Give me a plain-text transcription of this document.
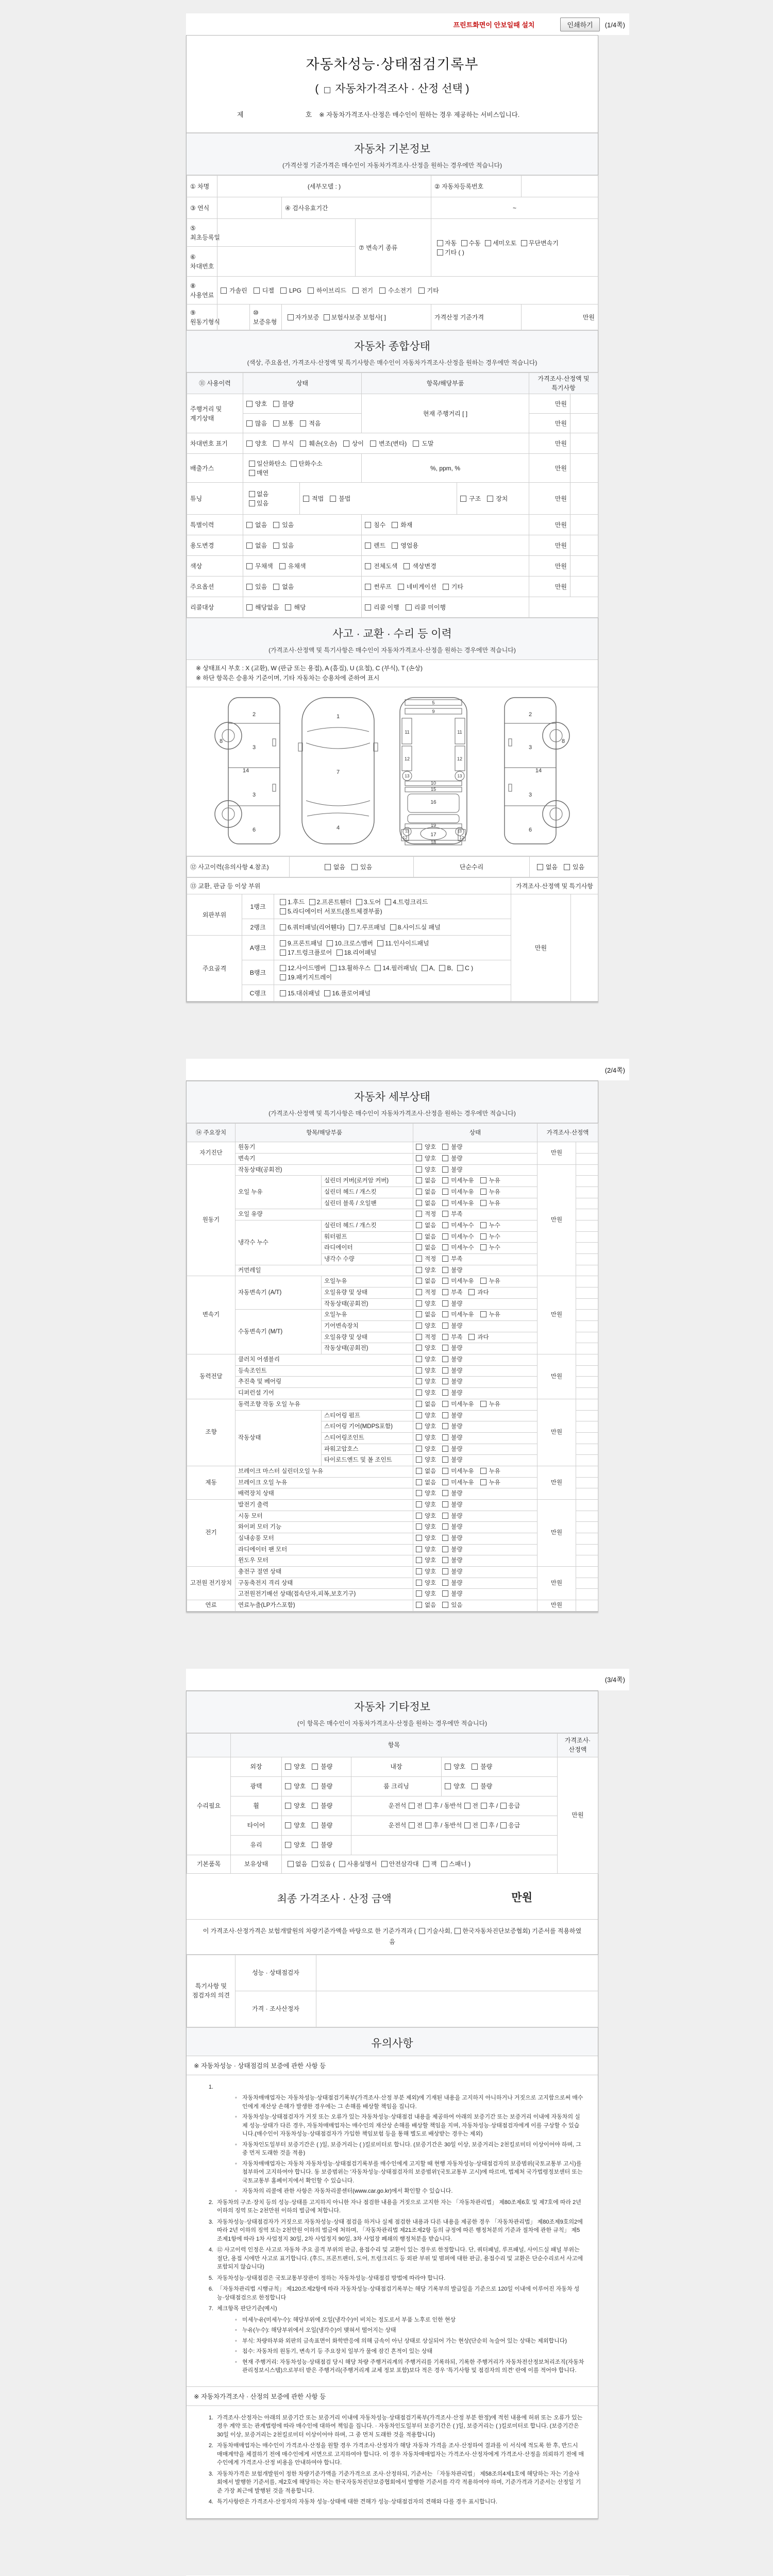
프린트화면이 안보일때 설치	인쇄하기	(1/4쪽)
자동차성능·상태점검기록부
(  자동차가격조사 · 산정 선택 )
제	호 ※ 자동차가격조사·산정은 매수인이 원하는 경우 제공하는 서비스입니다.
자동차 기본정보
(가격산정 기준가격은 매수인이 자동차가격조사·산정을 원하는 경우에만 적습니다)
① 차명	(세부모델 : )				② 자동차등록번호	
③ 연식			④ 검사유효기간		~	
⑤ 최초등록일				⑦ 변속기 종류	자동 수동 세미오토 무단변속기
기타 ( )	
⑥ 차대번호						
⑧ 사용연료	가솔린 디젤 LPG 하이브리드 전기 수소전기 기타					
⑨ 원동기형식		⑩ 보증유형	자가보증 보험사보증 보험사[ ]		가격산정 기준가격	만원
자동차 종합상태
(색상, 주요옵션, 가격조사·산정액 및 특기사항은 매수인이 자동차가격조사·산정을 원하는 경우에만 적습니다)
⑪ 사용이력	상태		항목/해당부품		가격조사·산정액 및 특기사항	
주행거리 및 계기상태	양호 불량		현재 주행거리 [ ]		만원	
	많음 보통 적음				만원	
차대번호 표기	양호 부식 훼손(오손) 상이 변조(변타) 도말				만원	
배출가스	일산화탄소 탄화수소
매연		%, ppm, %		만원	
튜닝	없음
있음	적법 불법		구조 장치	만원	
특별이력	없음 있음		침수 화재		만원	
용도변경	없음 있음		렌트 영업용		만원	
색상	무채색 유채색		전체도색 색상변경		만원	
주요옵션	있음 없음		썬루프 네비게이션 기타		만원	
리콜대상	해당없음 해당		리콜 이행 리콜 미이행			
사고 · 교환 · 수리 등 이력
(가격조사·산정액 및 특기사항은 매수인이 자동차가격조사·산정을 원하는 경우에만 적습니다)
※ 상태표시 부호 : X (교환), W (판금 또는 용접), A (흠집), U (요철), C (부식), T (손상)
※ 하단 항목은 승용차 기준이며, 기타 자동차는 승용차에 준하여 표시
2
8
3
14
3
6
1
7
4
5
9
11	11
12	12
13	13
10
15
16
19
13	13
12	12
17
18
2
8
3
14
3
6
⑫ 사고이력(유의사항 4.참조)	없음 있음	단순수리	없음 있음
⑬ 교환, 판금 등 이상 부위			가격조사·산정액 및 특기사항	
외판부위	1랭크	1.후드 2.프론트휀더 3.도어 4.트렁크리드
5.라디에이터 서포트(볼트체결부품)	만원	
	2랭크	6.쿼터패널(리어휀다) 7.루프패널 8.사이드실 패널		
주요골격	A랭크	9.프론트패널 10.크로스멤버 11.인사이드패널
17.트렁크플로어 18.리어패널		
	B랭크	12.사이드멤버 13.휠하우스 14.필러패널( A, B, C )
19.패키지트레이		
	C랭크	15.대쉬패널 16.플로어패널		
(2/4쪽)
자동차 세부상태
(가격조사·산정액 및 특기사항은 매수인이 자동차가격조사·산정을 원하는 경우에만 적습니다)
⑭ 주요장치	항목/해당부품		상태	가격조사·산정액	
자기진단	원동기		양호 불량	만원	
	변속기		양호 불량		
원동기	작동상태(공회전)		양호 불량	만원	
	오일 누유	실린더 커버(로커암 커버)	없음 미세누유 누유		
		실린더 헤드 / 개스킷	없음 미세누유 누유		
		실린더 블록 / 오일팬	없음 미세누유 누유		
	오일 유량		적정 부족		
	냉각수 누수	실린더 헤드 / 개스킷	없음 미세누수 누수		
		워터펌프	없음 미세누수 누수		
		라디에이터	없음 미세누수 누수		
		냉각수 수량	적정 부족		
	커먼레일		양호 불량		
변속기	자동변속기 (A/T)	오일누유	없음 미세누유 누유	만원	
		오일유량 및 상태	적정 부족 과다		
		작동상태(공회전)	양호 불량		
	수동변속기 (M/T)	오일누유	없음 미세누유 누유		
		기어변속장치	양호 불량		
		오일유량 및 상태	적정 부족 과다		
		작동상태(공회전)	양호 불량		
동력전달	클러치 어셈블리		양호 불량	만원	
	등속조인트		양호 불량		
	추진축 및 베어링		양호 불량		
	디퍼런셜 기어		양호 불량		
조향	동력조향 작동 오일 누유		없음 미세누유 누유	만원	
	작동상태	스티어링 펌프	양호 불량		
		스티어링 기어(MDPS포함)	양호 불량		
		스티어링조인트	양호 불량		
		파워고압호스	양호 불량		
		타이로드엔드 및 볼 조인트	양호 불량		
제동	브레이크 마스터 실린더오일 누유		없음 미세누유 누유	만원	
	브레이크 오일 누유		없음 미세누유 누유		
	배력장치 상태		양호 불량		
전기	발전기 출력		양호 불량	만원	
	시동 모터		양호 불량		
	와이퍼 모터 기능		양호 불량		
	실내송풍 모터		양호 불량		
	라디에이터 팬 모터		양호 불량		
	윈도우 모터		양호 불량		
고전원 전기장치	충전구 절연 상태		양호 불량	만원	
	구동축전지 격리 상태		양호 불량		
	고전원전기배선 상태(접속단자,피복,보호기구)		양호 불량		
연료	연료누출(LP가스포함)		없음 있음	만원	
(3/4쪽)
자동차 기타정보
(이 항목은 매수인이 자동차가격조사·산정을 원하는 경우에만 적습니다)
	항목				가격조사·산정액
수리필요	외장	양호 불량	내장	양호 불량	만원
	광택	양호 불량	룸 크리닝	양호 불량	
	휠	양호 불량	운전석 전 후 / 동반석 전 후 / 응급		
	타이어	양호 불량	운전석 전 후 / 동반석 전 후 / 응급		
	유리	양호 불량			
기본품목	보유상태	없음 있음 ( 사용설명서 안전삼각대 잭 스패너 )			
최종 가격조사 · 산정 금액	만원
이 가격조사·산정가격은 보험개발원의 차량기준가액을 바탕으로 한 기준가격과 ( 기술사회, 한국자동차진단보증협회) 기준서를 적용하였
음
특기사항 및 점검자의 의견	성능 · 상태점검자	
	가격 · 조사산정자	
유의사항
※ 자동차성능 · 상태점검의 보증에 관한 사항 등
1.
◦ 자동차매매업자는 자동차성능·상태점검기록부(가격조사·산정 부분 제외)에 기재된 내용을 고지하지 아니하거나 거짓으로 고지함으로써 매수인에게 재산상 손해가 발생한 경우에는 그 손해를 배상할 책임을 집니다.
◦ 자동차성능·상태점검자가 거짓 또는 오류가 있는 자동차성능·상태점검 내용을 제공하여 아래의 보증기간 또는 보증거리 이내에 자동차의 실제 성능·상태가 다른 경우, 자동차매매업자는 매수인의 재산상 손해를 배상할 책임을 지며, 자동차성능·상태점검자에게 이를 구상할 수 있습니다.(매수인이 자동차성능·상태점검자가 가입한 책임보험 등을 통해 별도로 배상받는 경우는 제외)
◦ 자동차인도일부터 보증기간은 ( )일, 보증거리는 ( )킬로미터로 합니다. (보증기간은 30일 이상, 보증거리는 2천킬로미터 이상이어야 하며, 그 중 먼저 도래한 것을 적용)
◦ 자동차매매업자는 자동차 자동차성능·상태점검기록부를 매수인에게 고지할 때 현행 자동차성능·상태점검자의 보증범위(국토교통부 고시)를 첨부하여 고지하여야 합니다. 동 보증범위는 '자동차성능·상태점검자의 보증범위'(국토교통부 고시)에 따르며, 법제처 국가법령정보센터 또는 국토교통부 홈페이지에서 확인할 수 있습니다.
◦ 자동차의 리콜에 관한 사항은 자동차리콜센터(www.car.go.kr)에서 확인할 수 있습니다.
2. 자동차의 구조·장치 등의 성능·상태를 고지하지 아니한 자나 점검한 내용을 거짓으로 고지한 자는 「자동차관리법」 제80조제6호 및 제7호에 따라 2년 이하의 징역 또는 2천만원 이하의 벌금에 처합니다.
3. 자동차성능·상태점검자가 거짓으로 자동차성능·상태 점검을 하거나 실제 점검한 내용과 다른 내용을 제공한 경우 「자동차관리법」 제80조제9호의2에 따라 2년 이하의 징역 또는 2천만원 이하의 벌금에 처하며, 「자동차관리법 제21조제2항 등의 규정에 따른 행정처분의 기준과 절차에 관한 규칙」 제5조제1항에 따라 1차 사업정지 30일, 2차 사업정지 90일, 3차 사업장 폐쇄의 행정처분을 받습니다.
4. ⑫ 사고이력 인정은 사고로 자동차 주요 골격 부위의 판금, 용접수리 및 교환이 있는 경우로 한정합니다. 단, 쿼터패널, 루프패널, 사이드실 패널 부위는 절단, 용접 시에만 사고로 표기합니다. (후드, 프론트펜더, 도어, 트렁크리드 등 외판 부위 및 범퍼에 대한 판금, 용접수리 및 교환은 단순수리로서 사고에 포함되지 않습니다)
5. 자동차성능·상태점검은 국토교통부장관이 정하는 자동차성능·상태점검 방법에 따라야 합니다.
6. 「자동차관리법 시행규칙」 제120조제2항에 따라 자동차성능·상태점검기록부는 해당 기록부의 발급일을 기준으로 120일 이내에 이루어진 자동차 성능·상태점검으로 한정합니다
7. 체크항목 판단기준(예시)
◦ 미세누유(미세누수): 해당부위에 오일(냉각수)이 비치는 정도로서 부품 노후로 인한 현상
◦ 누유(누수): 해당부위에서 오일(냉각수)이 맺혀서 떨어지는 상태
◦ 부식: 차량하부와 외판의 금속표면이 화학반응에 의해 금속이 아닌 상태로 상실되어 가는 현상(단순히 녹슬어 있는 상태는 제외합니다)
◦ 침수: 자동차의 원동기, 변속기 등 주요장치 일부가 물에 잠긴 흔적이 있는 상태
◦ 현재 주행거리: 자동차성능·상태점검 당시 해당 차량 주행거리계의 주행거리를 기록하되, 기록한 주행거리가 자동차전산정보처리조직(자동차관리정보시스템)으로부터 받은 주행거리(주행거리계 교체 정보 포함)보다 적은 경우 '특기사항 및 점검자의 의견' 란에 이를 적어야 합니다.
※ 자동차가격조사 · 산정의 보증에 관한 사항 등
1. 가격조사·산정자는 아래의 보증기간 또는 보증거리 이내에 자동차성능·상태점검기록부(가격조사·산정 부분 한정)에 적힌 내용에 허위 또는 오류가 있는 경우 계약 또는 관계법령에 따라 매수인에 대하여 책임을 집니다. · 자동차인도일부터 보증기간은 ( )일, 보증거리는 ( )킬로미터로 합니다. (보증기간은 30일 이상, 보증거리는 2천킬로미터 이상이어야 하며, 그 중 먼저 도래한 것을 적용합니다)
2. 자동차매매업자는 매수인이 가격조사·산정을 원할 경우 가격조사·산정자가 해당 자동차 가격을 조사·산정하여 결과를 이 서식에 적도록 한 후, 반드시 매매계약을 체결하기 전에 매수인에게 서면으로 고지하여야 합니다. 이 경우 자동차매매업자는 가격조사·산정자에게 가격조사·산정을 의뢰하기 전에 매수인에게 가격조사·산정 비용을 안내하여야 합니다.
3. 자동차가격은 보험개발원이 정한 차량기준가액을 기준가격으로 조사·산정하되, 기준서는 「자동차관리법」 제58조의4제1호에 해당하는 자는 기술사회에서 발행한 기준서를, 제2호에 해당하는 자는 한국자동차진단보증협회에서 발행한 기준서를 각각 적용하여야 하며, 기준가격과 기준서는 산정일 기준 가장 최근에 발행된 것을 적용합니다.
4. 특기사항란은 가격조사·산정자의 자동차 성능·상태에 대한 견해가 성능·상태점검자의 견해와 다를 경우 표시합니다.
